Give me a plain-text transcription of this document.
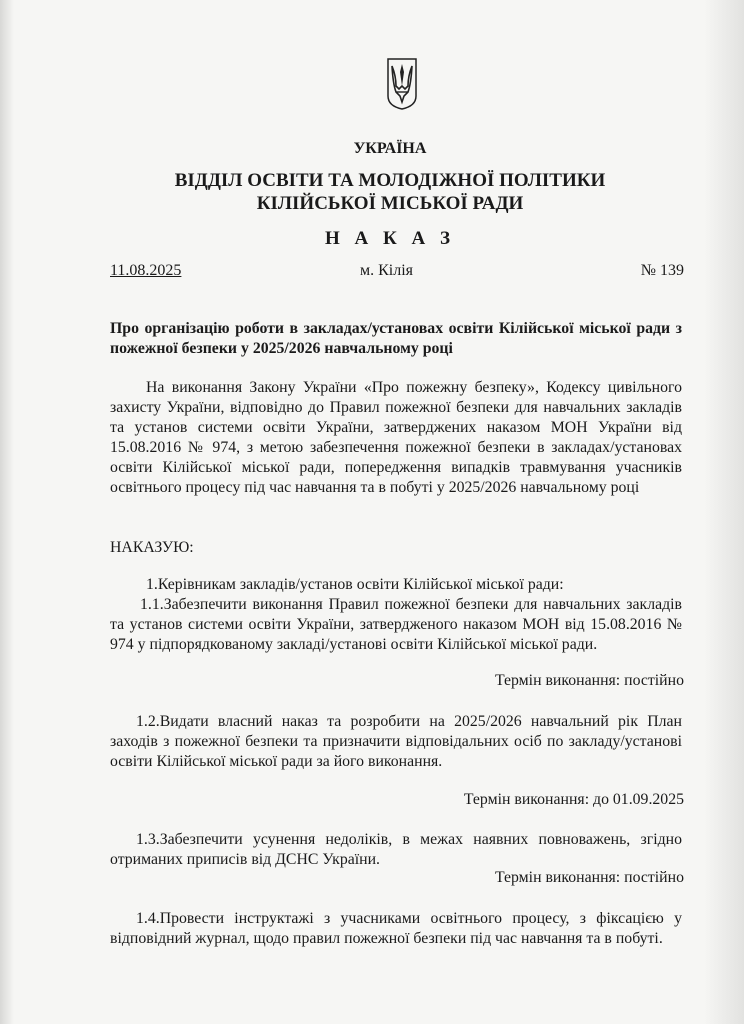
УКРАЇНА
ВІДДІЛ ОСВІТИ ТА МОЛОДІЖНОЇ ПОЛІТИКИ
КІЛІЙСЬКОЇ МІСЬКОЇ РАДИ
Н А К А З
11.08.2025	м. Кілія	№ 139
Про організацію роботи в закладах/установах освіти Кілійської міської ради з пожежної безпеки у 2025/2026 навчальному році
На виконання Закону України «Про пожежну безпеку», Кодексу цивільного захисту України, відповідно до Правил пожежної безпеки для навчальних закладів та установ системи освіти України, затверджених наказом МОН України від 15.08.2016 № 974, з метою забезпечення пожежної безпеки в закладах/установах освіти Кілійської міської ради, попередження випадків травмування учасників освітнього процесу під час навчання та в побуті у 2025/2026 навчальному році
НАКАЗУЮ:
1.Керівникам закладів/установ освіти Кілійської міської ради:
1.1.Забезпечити виконання Правил пожежної безпеки для навчальних закладів та установ системи освіти України, затвердженого наказом МОН від 15.08.2016 № 974 у підпорядкованому закладі/установі освіти Кілійської міської ради.
Термін виконання: постійно
1.2.Видати власний наказ та розробити на 2025/2026 навчальний рік План заходів з пожежної безпеки та призначити відповідальних осіб по закладу/установі освіти Кілійської міської ради за його виконання.
Термін виконання: до 01.09.2025
1.3.Забезпечити усунення недоліків, в межах наявних повноважень, згідно отриманих приписів від ДСНС України.
Термін виконання: постійно
1.4.Провести інструктажі з учасниками освітнього процесу, з фіксацією у відповідний журнал, щодо правил пожежної безпеки під час навчання та в побуті.
